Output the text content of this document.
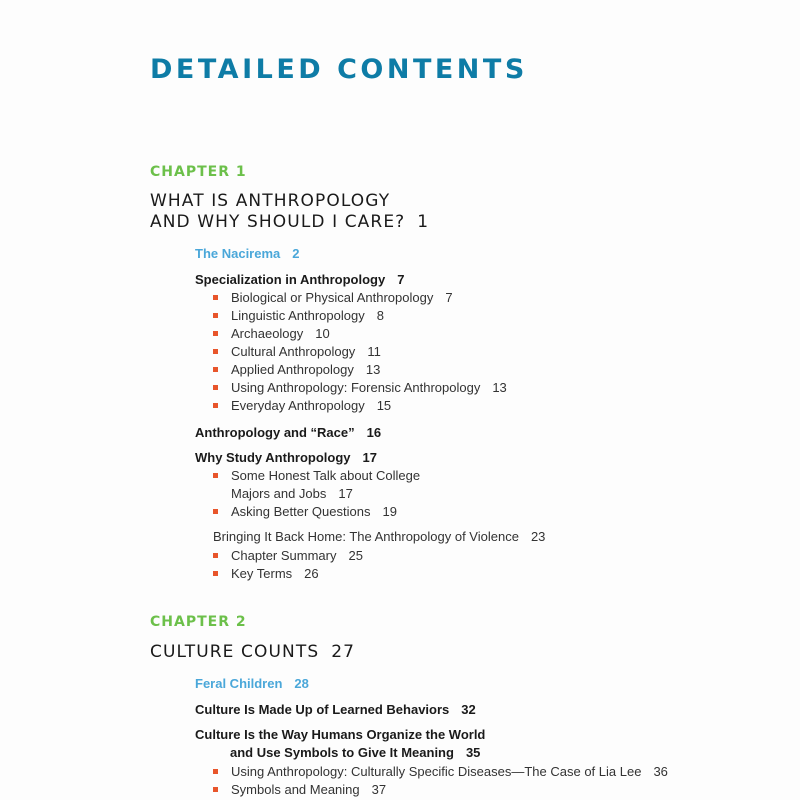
DETAILED CONTENTS
CHAPTER 1
WHAT IS ANTHROPOLOGY
AND WHY SHOULD I CARE? 1
The Nacirema 2
Specialization in Anthropology 7
Biological or Physical Anthropology 7
Linguistic Anthropology 8
Archaeology 10
Cultural Anthropology 11
Applied Anthropology 13
Using Anthropology: Forensic Anthropology 13
Everyday Anthropology 15
Anthropology and “Race” 16
Why Study Anthropology 17
Some Honest Talk about College
Majors and Jobs 17
Asking Better Questions 19
Bringing It Back Home: The Anthropology of Violence 23
Chapter Summary 25
Key Terms 26
CHAPTER 2
CULTURE COUNTS 27
Feral Children 28
Culture Is Made Up of Learned Behaviors 32
Culture Is the Way Humans Organize the World
and Use Symbols to Give It Meaning 35
Using Anthropology: Culturally Specific Diseases—The Case of Lia Lee 36
Symbols and Meaning 37
